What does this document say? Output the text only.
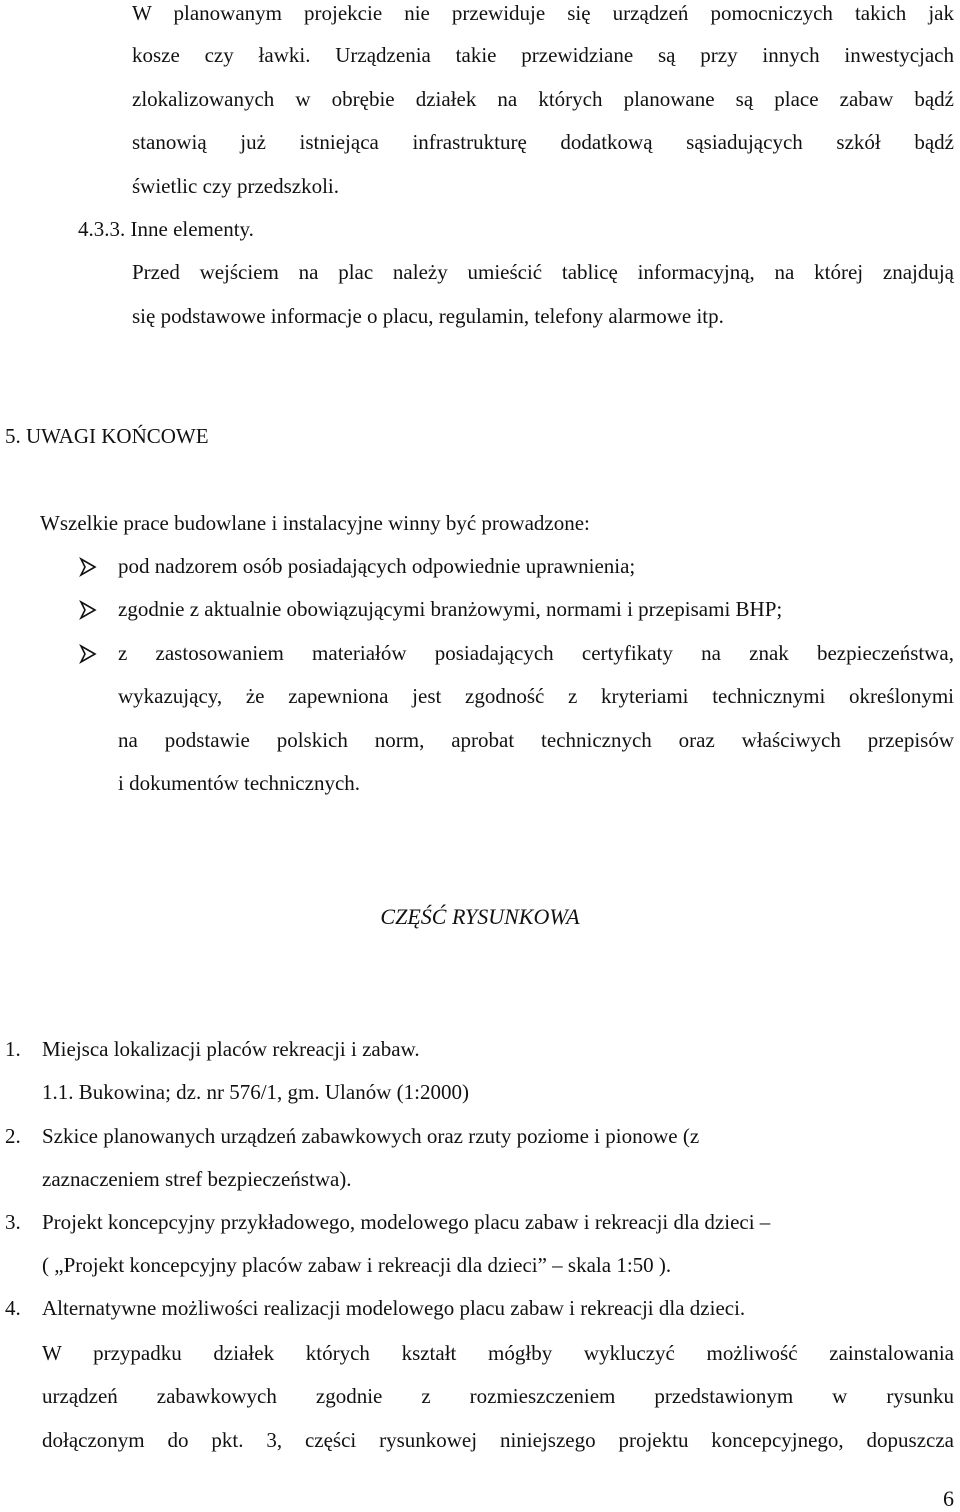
W planowanym projekcie nie przewiduje się urządzeń pomocniczych takich jak
kosze czy ławki. Urządzenia takie przewidziane są przy innych inwestycjach
zlokalizowanych w obrębie działek na których planowane są place zabaw bądź
stanowią już istniejąca infrastrukturę dodatkową sąsiadujących szkół bądź
świetlic czy przedszkoli.
4.3.3. Inne elementy.
Przed wejściem na plac należy umieścić tablicę informacyjną, na której znajdują
się podstawowe informacje o placu, regulamin, telefony alarmowe itp.
5. UWAGI KOŃCOWE
Wszelkie prace budowlane i instalacyjne winny być prowadzone:
pod nadzorem osób posiadających odpowiednie uprawnienia;
zgodnie z aktualnie obowiązującymi branżowymi, normami i przepisami BHP;
z zastosowaniem materiałów posiadających certyfikaty na znak bezpieczeństwa,
wykazujący, że zapewniona jest zgodność z kryteriami technicznymi określonymi
na podstawie polskich norm, aprobat technicznych oraz właściwych przepisów
i dokumentów technicznych.
CZĘŚĆ RYSUNKOWA
1. Miejsca lokalizacji placów rekreacji i zabaw.
1.1. Bukowina; dz. nr 576/1, gm. Ulanów (1:2000)
2. Szkice planowanych urządzeń zabawkowych oraz rzuty poziome i pionowe (z
zaznaczeniem stref bezpieczeństwa).
3. Projekt koncepcyjny przykładowego, modelowego placu zabaw i rekreacji dla dzieci –
( „Projekt koncepcyjny placów zabaw i rekreacji dla dzieci” – skala 1:50 ).
4. Alternatywne możliwości realizacji modelowego placu zabaw i rekreacji dla dzieci.
W przypadku działek których kształt mógłby wykluczyć możliwość zainstalowania
urządzeń zabawkowych zgodnie z rozmieszczeniem przedstawionym w rysunku
dołączonym do pkt. 3, części rysunkowej niniejszego projektu koncepcyjnego, dopuszcza
6
